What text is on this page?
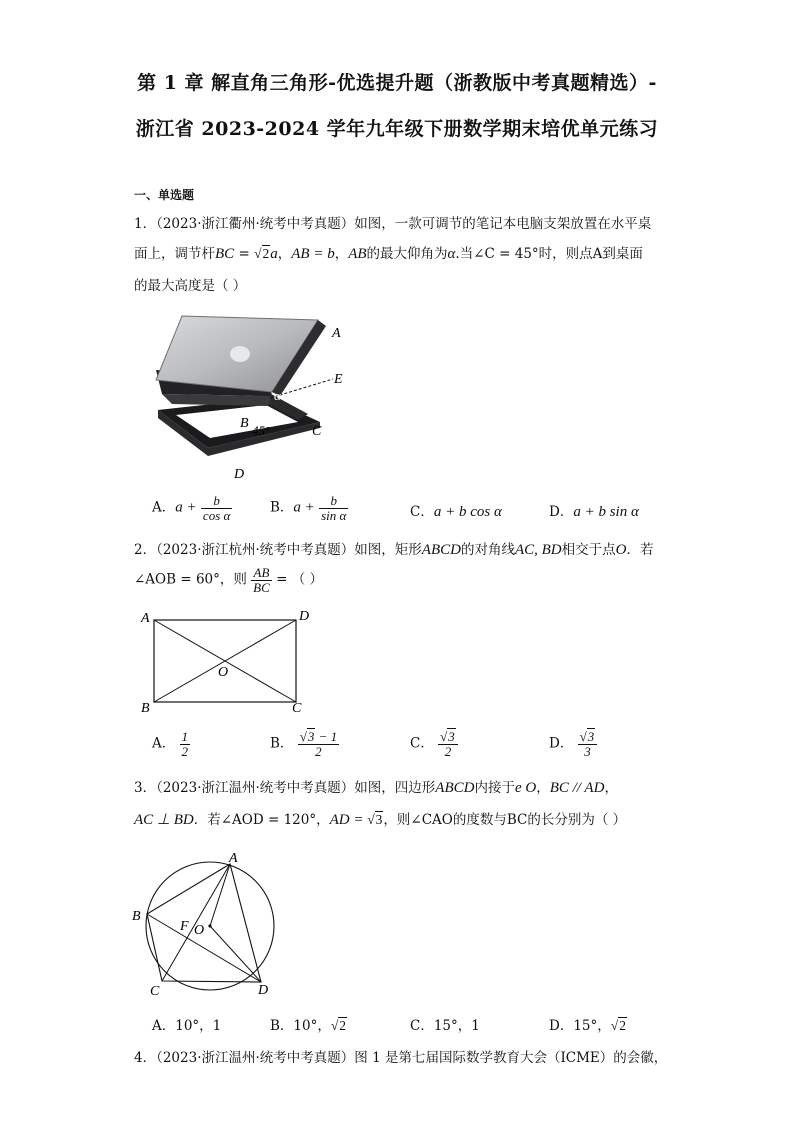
第 1 章 解直角三角形-优选提升题（浙教版中考真题精选）-
浙江省 2023-2024 学年九年级下册数学期末培优单元练习
一、单选题
1．（2023·浙江衢州·统考中考真题）如图，一款可调节的笔记本电脑支架放置在水平桌
面上，调节杆BC = √2a，AB = b，AB的最大仰角为α.当∠C = 45°时，则点A到桌面
的最大高度是（ ）
A
E
α
B 45°	C
D
A．$a + \frac{b}{\text{cos α}}$	B．$a + \frac{b}{\text{sin α}}$	C．a + b cos α	D．a + b sin α
2．（2023·浙江杭州·统考中考真题）如图，矩形ABCD的对角线AC, BD相交于点O．若
∠AOB = 60°，则 $\frac{AB}{BC}$ = （ ）
A	D
O
B	C
A． $\frac{1}{2}$	B． $\frac{√3 - 1}{2}$	C． $\frac{√3}{2}$	D． $\frac{√3}{3}$
3．（2023·浙江温州·统考中考真题）如图，四边形ABCD内接于e O，BC // AD，
AC ⊥ BD．若∠AOD = 120°，AD = √3，则∠CAO的度数与BC的长分别为（ ）
A
B
F O
C	D
A．10°，1	B．10°，√2	C．15°，1	D．15°，√2
4．（2023·浙江温州·统考中考真题）图 1 是第七届国际数学教育大会（ICME）的会徽，
